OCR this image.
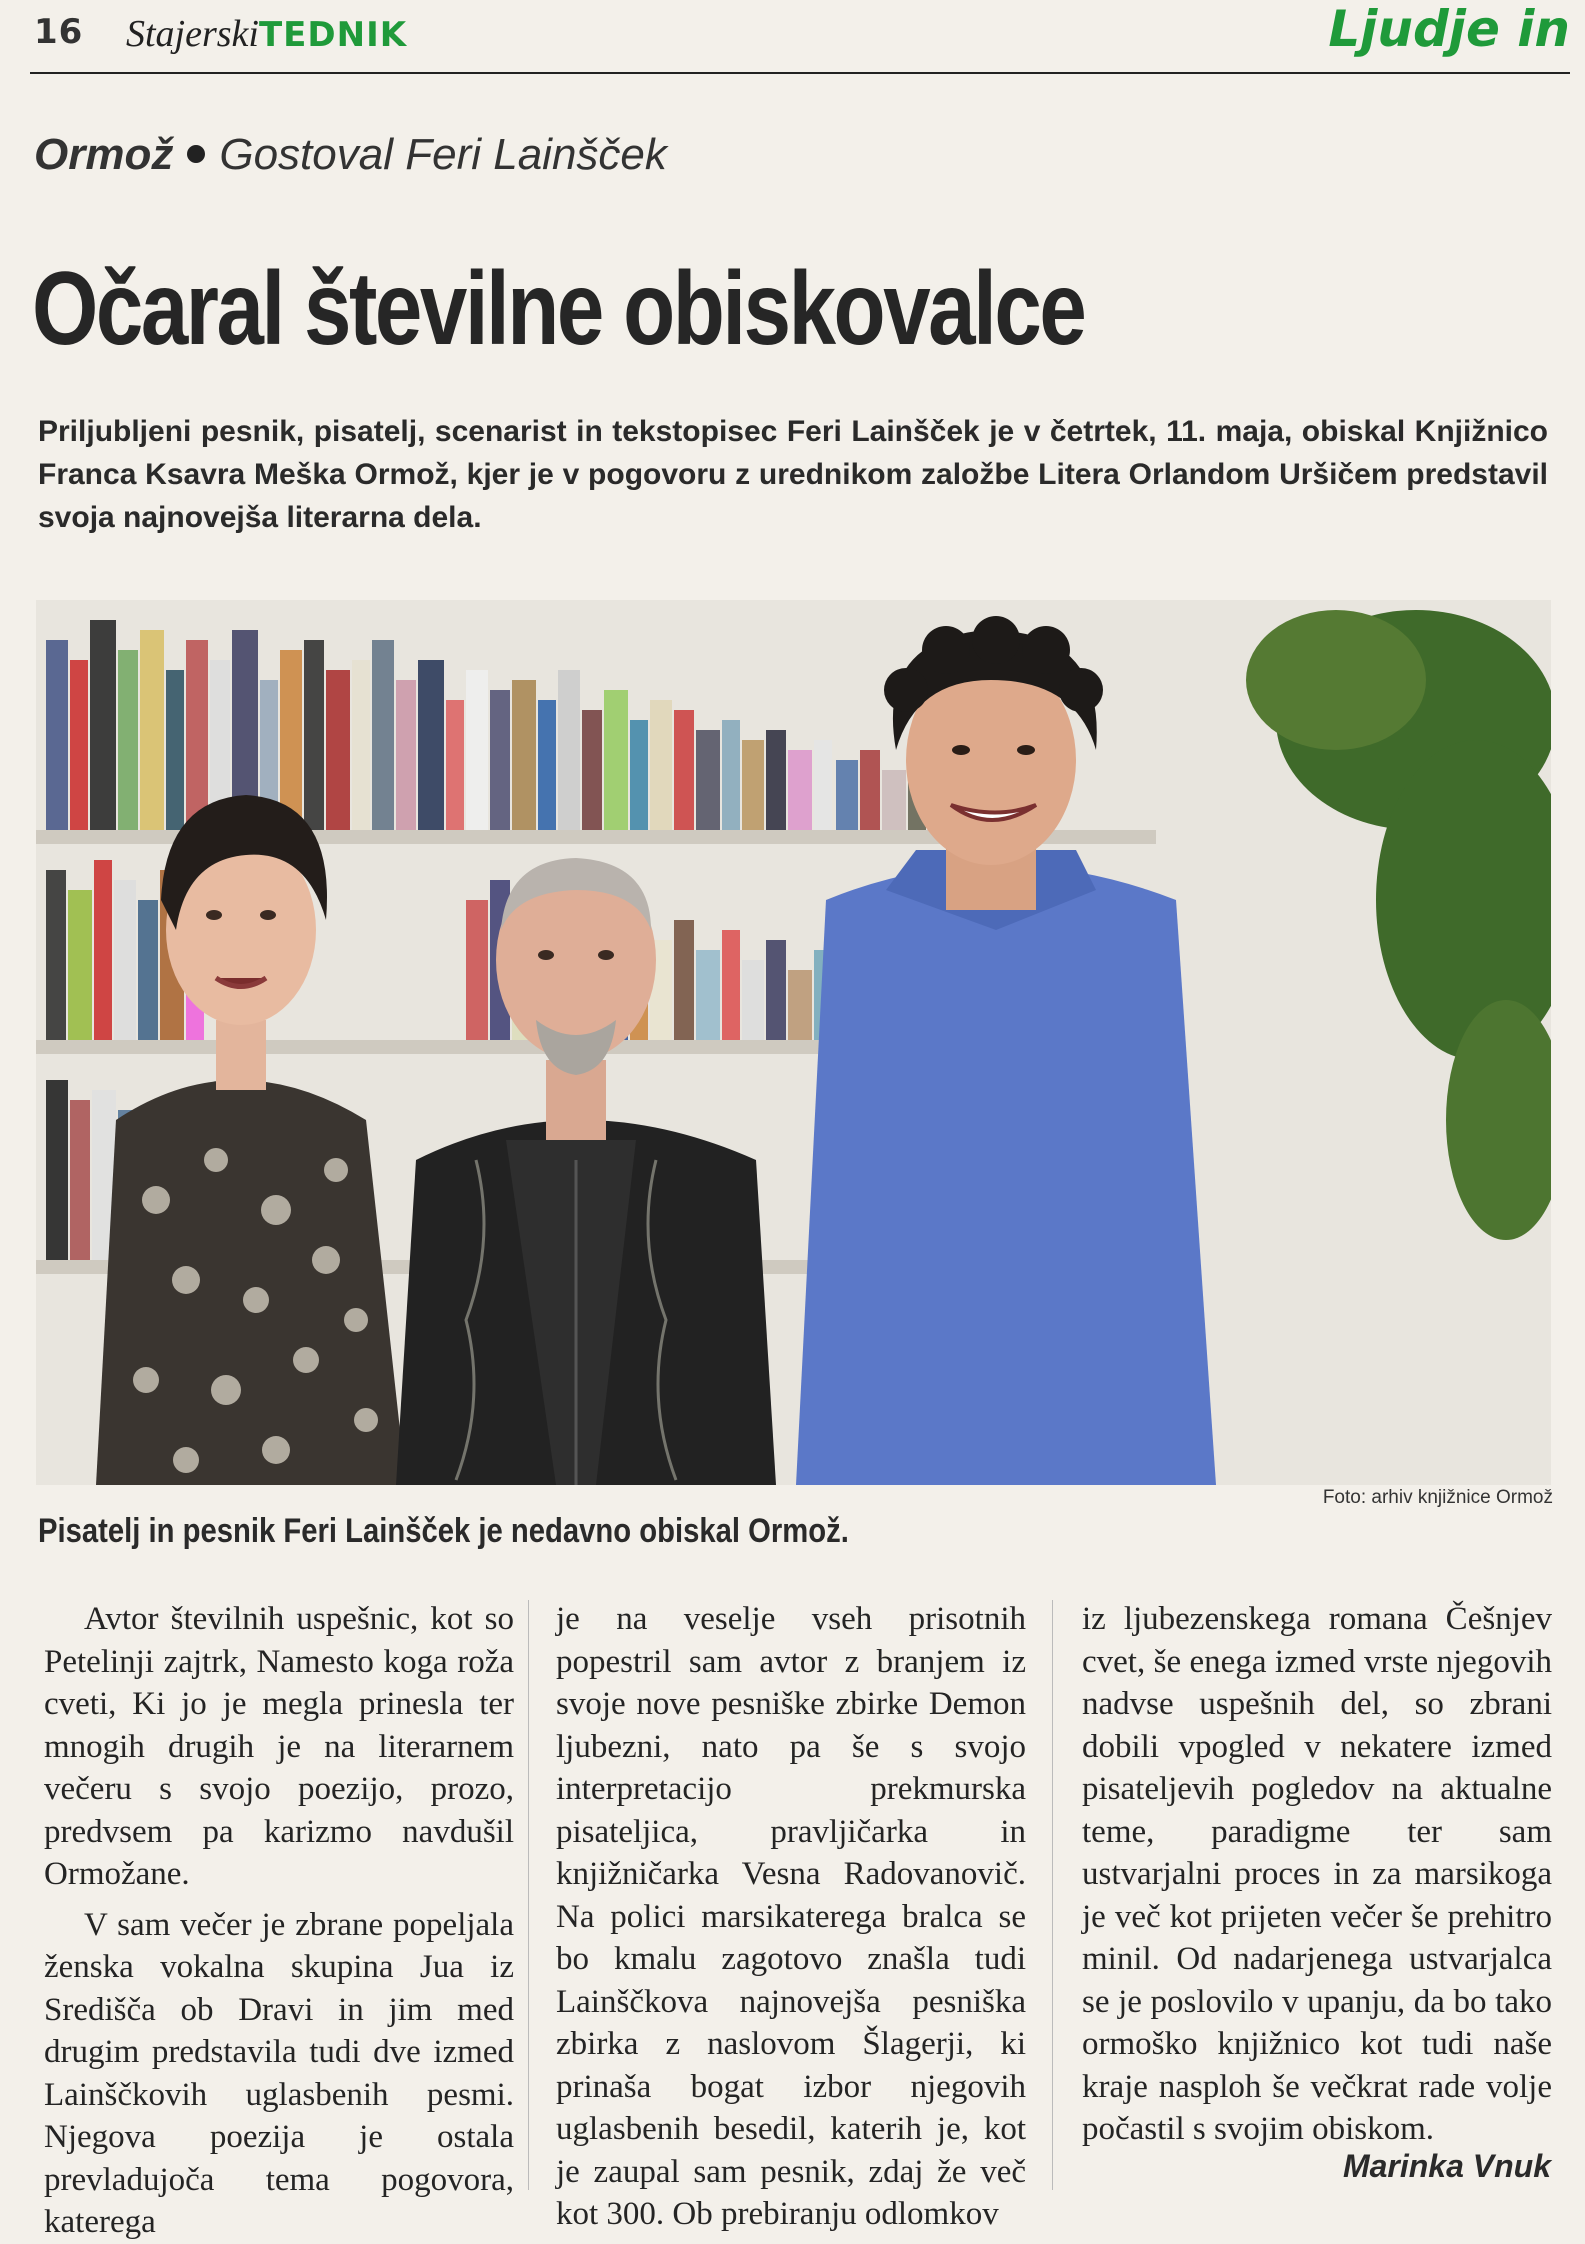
16 StajerskiTEDNIK	Ljudje in
Ormož Gostoval Feri Lainšček
Očaral številne obiskovalce

Priljubljeni pesnik, pisatelj, scenarist in tekstopisec Feri Lainšček je v četrtek, 11. maja, obiskal Knjižnico Franca Ksavra Meška Ormož, kjer je v pogovoru z urednikom založbe Litera Orlandom Uršičem predstavil svoja najnovejša literarna dela.

Foto: arhiv knjižnice Ormož
Pisatelj in pesnik Feri Lainšček je nedavno obiskal Ormož.

Avtor številnih uspešnic, kot so Petelinji zajtrk, Namesto koga roža cveti, Ki jo je megla prinesla ter mnogih drugih je na literarnem večeru s svojo poezijo, prozo, predvsem pa karizmo navdušil Ormožane.

V sam večer je zbrane popeljala ženska vokalna skupina Jua iz Središča ob Dravi in jim med drugim predstavila tudi dve izmed Lainščkovih uglasbenih pesmi. Njegova poezija je ostala prevladujoča tema pogovora, katerega

je na veselje vseh prisotnih popestril sam avtor z branjem iz svoje nove pesniške zbirke Demon ljubezni, nato pa še s svojo interpretacijo prekmurska pisateljica, pravljičarka in knjižničarka Vesna Radovanovič. Na polici marsikaterega bralca se bo kmalu zagotovo znašla tudi Lainščkova najnovejša pesniška zbirka z naslovom Šlagerji, ki prinaša bogat izbor njegovih uglasbenih besedil, katerih je, kot je zaupal sam pesnik, zdaj že več kot 300. Ob prebiranju odlomkov

iz ljubezenskega romana Češnjev cvet, še enega izmed vrste njegovih nadvse uspešnih del, so zbrani dobili vpogled v nekatere izmed pisateljevih pogledov na aktualne teme, paradigme ter sam ustvarjalni proces in za marsikoga je več kot prijeten večer še prehitro minil. Od nadarjenega ustvarjalca se je poslovilo v upanju, da bo tako ormoško knjižnico kot tudi naše kraje nasploh še večkrat rade volje počastil s svojim obiskom.

Marinka Vnuk
